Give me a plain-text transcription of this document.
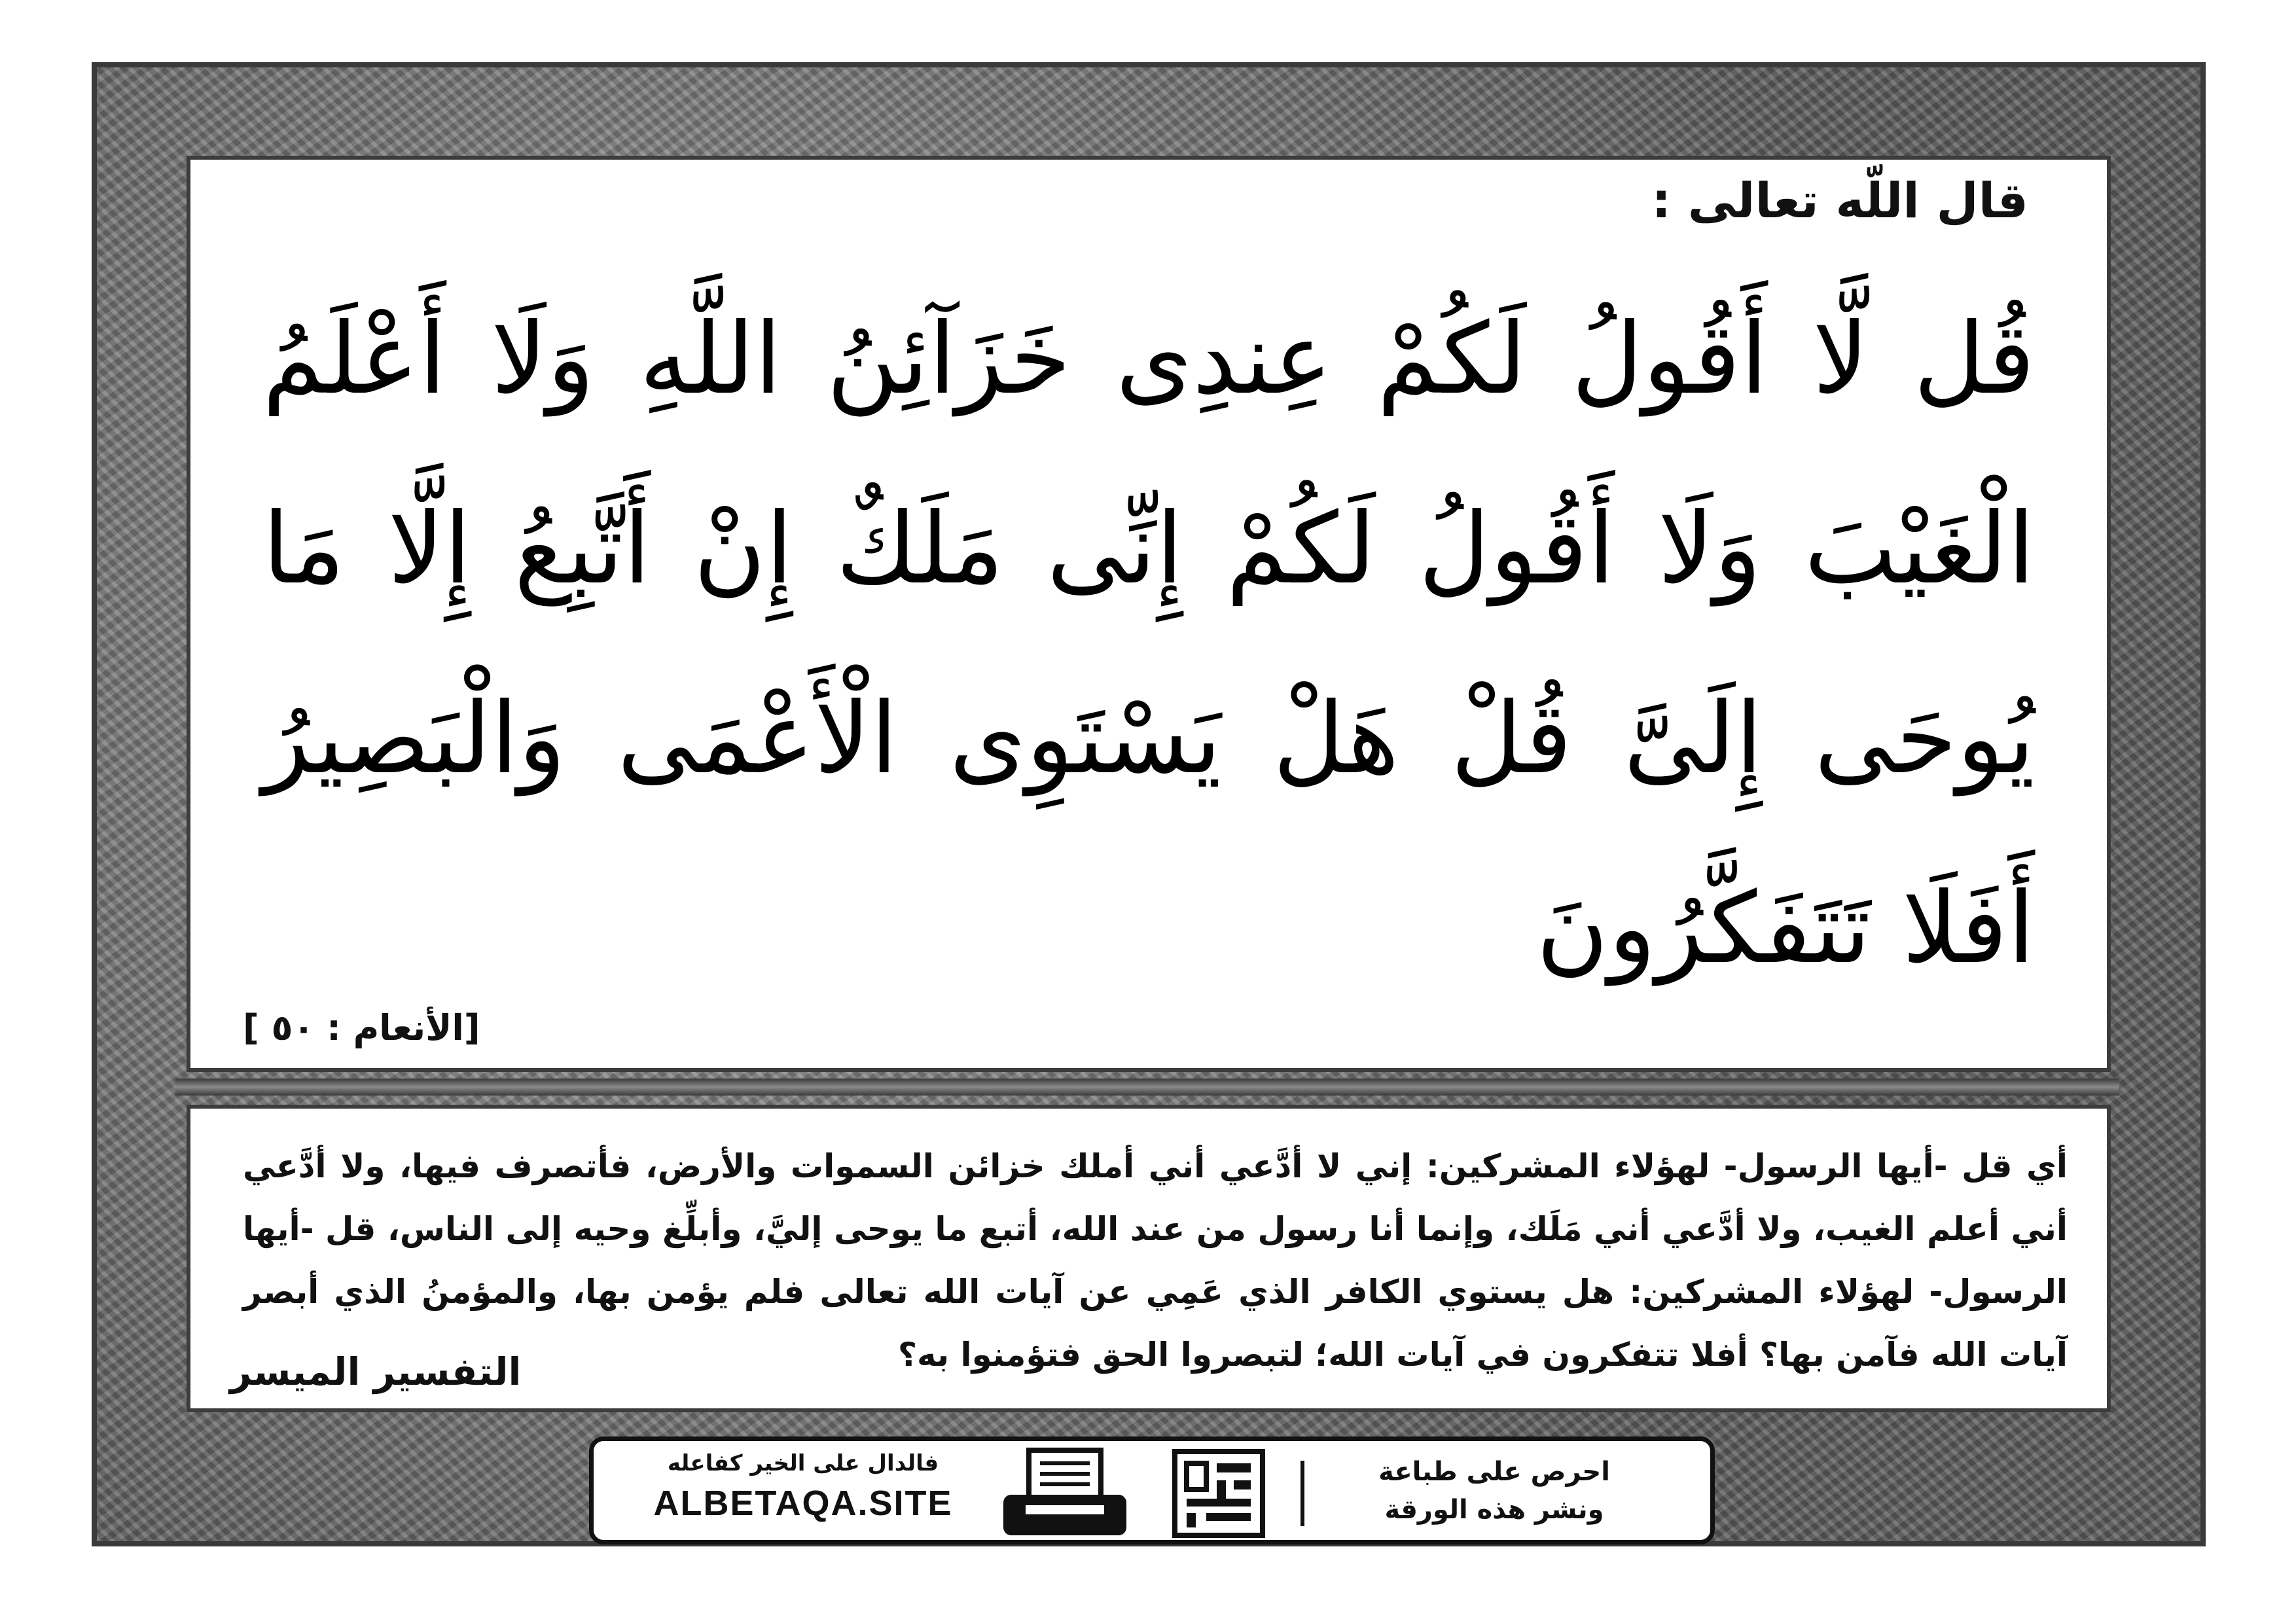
قال اللّه تعالى :

قُل لَّا أَقُولُ لَكُمْ عِندِى خَزَآئِنُ اللَّهِ وَلَا أَعْلَمُ الْغَيْبَ وَلَا أَقُولُ لَكُمْ إِنِّى مَلَكٌ إِنْ أَتَّبِعُ إِلَّا مَا يُوحَى إِلَىَّ قُلْ هَلْ يَسْتَوِى الْأَعْمَى وَالْبَصِيرُ أَفَلَا تَتَفَكَّرُونَ

[الأنعام : ٥٠ ]

أي قل -أيها الرسول- لهؤلاء المشركين: إني لا أدَّعي أني أملك خزائن السموات والأرض، فأتصرف فيها، ولا أدَّعي أني أعلم الغيب، ولا أدَّعي أني مَلَك، وإنما أنا رسول من عند الله، أتبع ما يوحى إليَّ، وأبلِّغ وحيه إلى الناس، قل -أيها الرسول- لهؤلاء المشركين: هل يستوي الكافر الذي عَمِي عن آيات الله تعالى فلم يؤمن بها، والمؤمنُ الذي أبصر آيات الله فآمن بها؟ أفلا تتفكرون في آيات الله؛ لتبصروا الحق فتؤمنوا به؟

التفسير الميسر
فالدال على الخير كفاعله
ALBETAQA.SITE
احرص على طباعة
ونشر هذه الورقة
